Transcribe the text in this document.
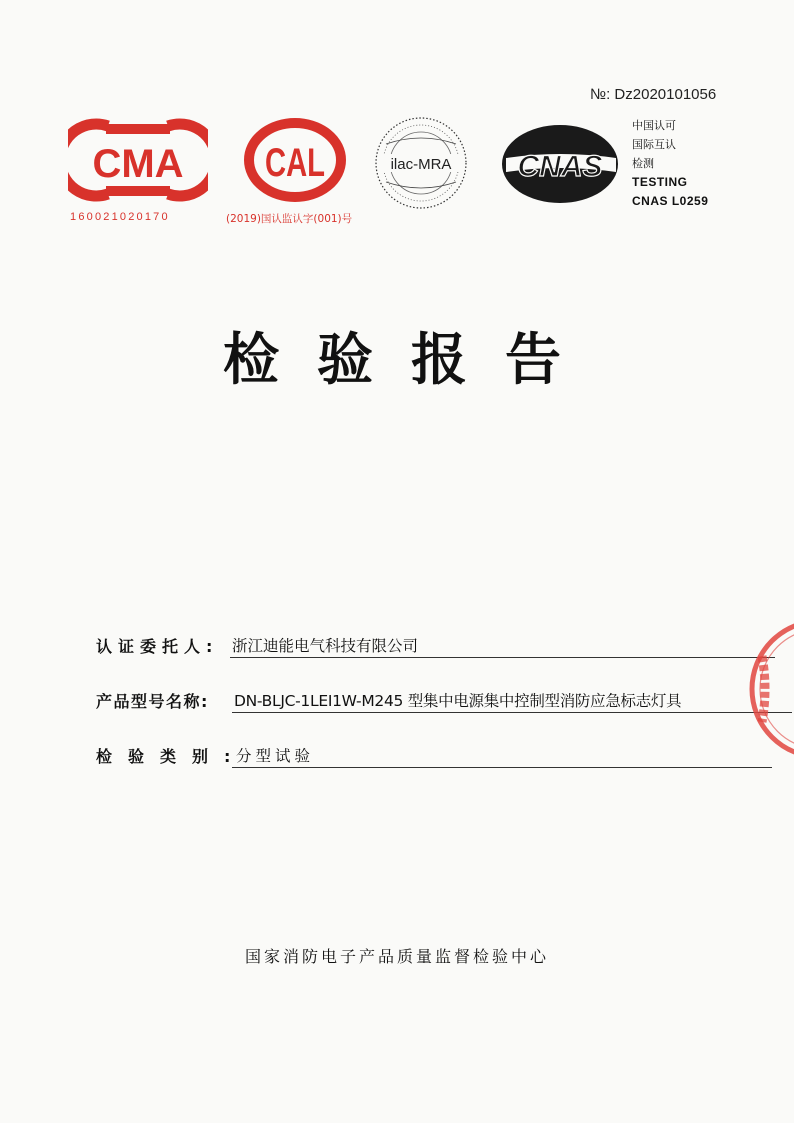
№: Dz2020101056
CMA
160021020170
CAL
(2019)国认监认字(001)号
ilac-MRA CNAS
中国认可
国际互认
检测
TESTING
CNAS L0259
检验报告
认证委托人: 浙江迪能电气科技有限公司
产品型号名称: DN-BLJC-1LEⅠ1W-M245 型集中电源集中控制型消防应急标志灯具
检验类别:
分型试验
国家消防电子产品质量监督检验中心
